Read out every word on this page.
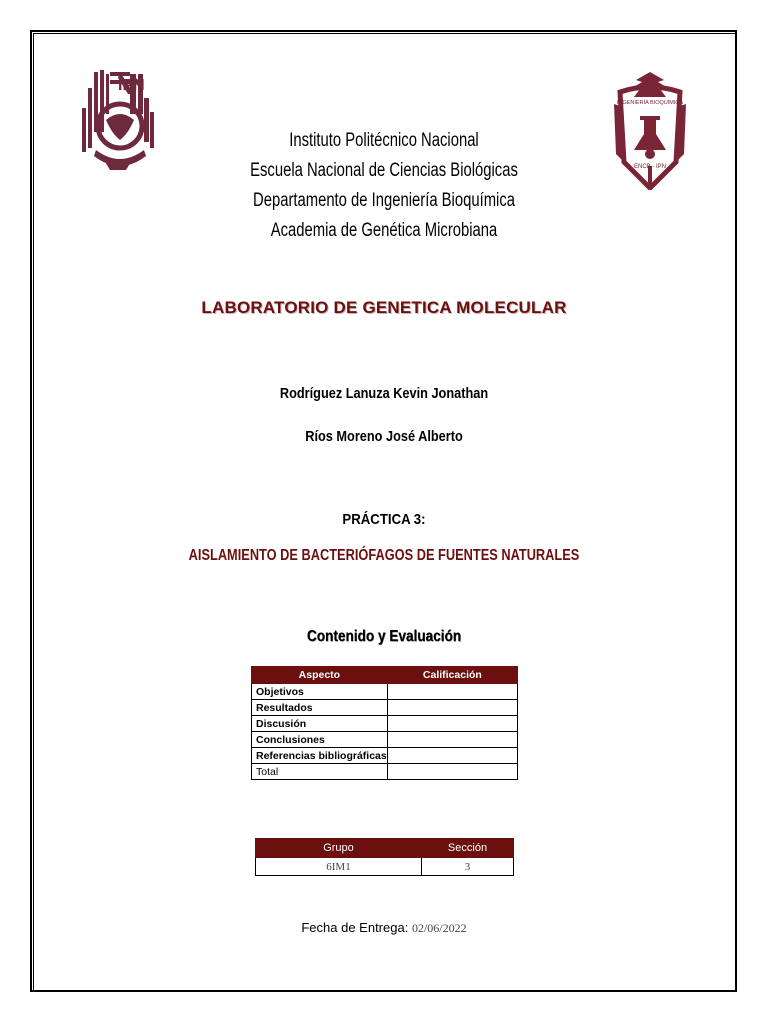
IPN
INGENIERÍA BIOQUÍMICA
ENCB - IPN
Instituto Politécnico Nacional
Escuela Nacional de Ciencias Biológicas
Departamento de Ingeniería Bioquímica
Academia de Genética Microbiana
LABORATORIO DE GENETICA MOLECULAR
Rodríguez Lanuza Kevin Jonathan
Ríos Moreno José Alberto
PRÁCTICA 3:
AISLAMIENTO DE BACTERIÓFAGOS DE FUENTES NATURALES
Contenido y Evaluación
Aspecto	Calificación
Objetivos	
Resultados	
Discusión	
Conclusiones	
Referencias bibliográficas	
Total	
Grupo	Sección
6IM1	3
Fecha de Entrega: 02/06/2022
